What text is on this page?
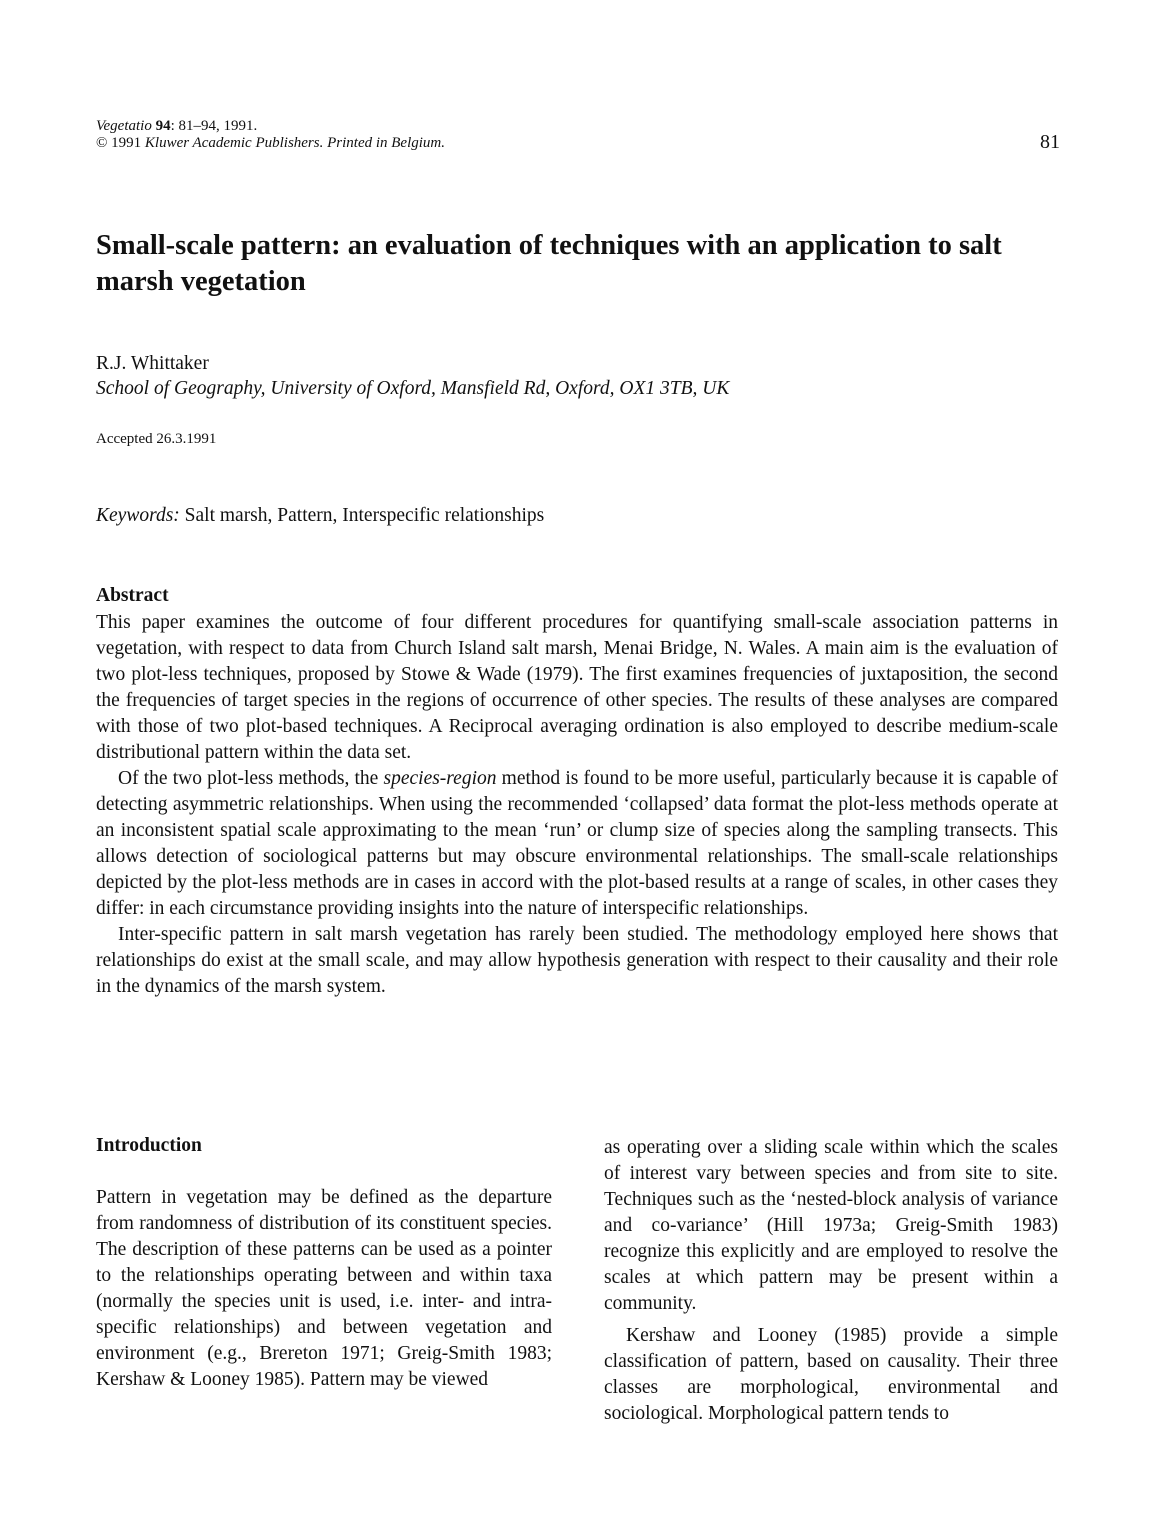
Vegetatio 94: 81–94, 1991.
© 1991 Kluwer Academic Publishers. Printed in Belgium.	81
Small-scale pattern: an evaluation of techniques with an application to salt marsh vegetation
R.J. Whittaker
School of Geography, University of Oxford, Mansfield Rd, Oxford, OX1 3TB, UK
Accepted 26.3.1991
Keywords: Salt marsh, Pattern, Interspecific relationships
Abstract

This paper examines the outcome of four different procedures for quantifying small-scale association patterns in vegetation, with respect to data from Church Island salt marsh, Menai Bridge, N. Wales. A main aim is the evaluation of two plot-less techniques, proposed by Stowe & Wade (1979). The first examines frequencies of juxtaposition, the second the frequencies of target species in the regions of occurrence of other species. The results of these analyses are compared with those of two plot-based techniques. A Reciprocal averaging ordination is also employed to describe medium-scale distributional pattern within the data set.

Of the two plot-less methods, the species-region method is found to be more useful, particularly because it is capable of detecting asymmetric relationships. When using the recommended ‘collapsed’ data format the plot-less methods operate at an inconsistent spatial scale approximating to the mean ‘run’ or clump size of species along the sampling transects. This allows detection of sociological patterns but may obscure environmental relationships. The small-scale relationships depicted by the plot-less methods are in cases in accord with the plot-based results at a range of scales, in other cases they differ: in each circumstance providing insights into the nature of interspecific relationships.

Inter-specific pattern in salt marsh vegetation has rarely been studied. The methodology employed here shows that relationships do exist at the small scale, and may allow hypothesis generation with respect to their causality and their role in the dynamics of the marsh system.

Introduction

Pattern in vegetation may be defined as the departure from randomness of distribution of its constituent species. The description of these patterns can be used as a pointer to the relationships operating between and within taxa (normally the species unit is used, i.e. inter- and intra-specific relationships) and between vegetation and environment (e.g., Brereton 1971; Greig-Smith 1983; Kershaw & Looney 1985). Pattern may be viewed

as operating over a sliding scale within which the scales of interest vary between species and from site to site. Techniques such as the ‘nested-block analysis of variance and co-variance’ (Hill 1973a; Greig-Smith 1983) recognize this explicitly and are employed to resolve the scales at which pattern may be present within a community.

Kershaw and Looney (1985) provide a simple classification of pattern, based on causality. Their three classes are morphological, environmental and sociological. Morphological pattern tends to
